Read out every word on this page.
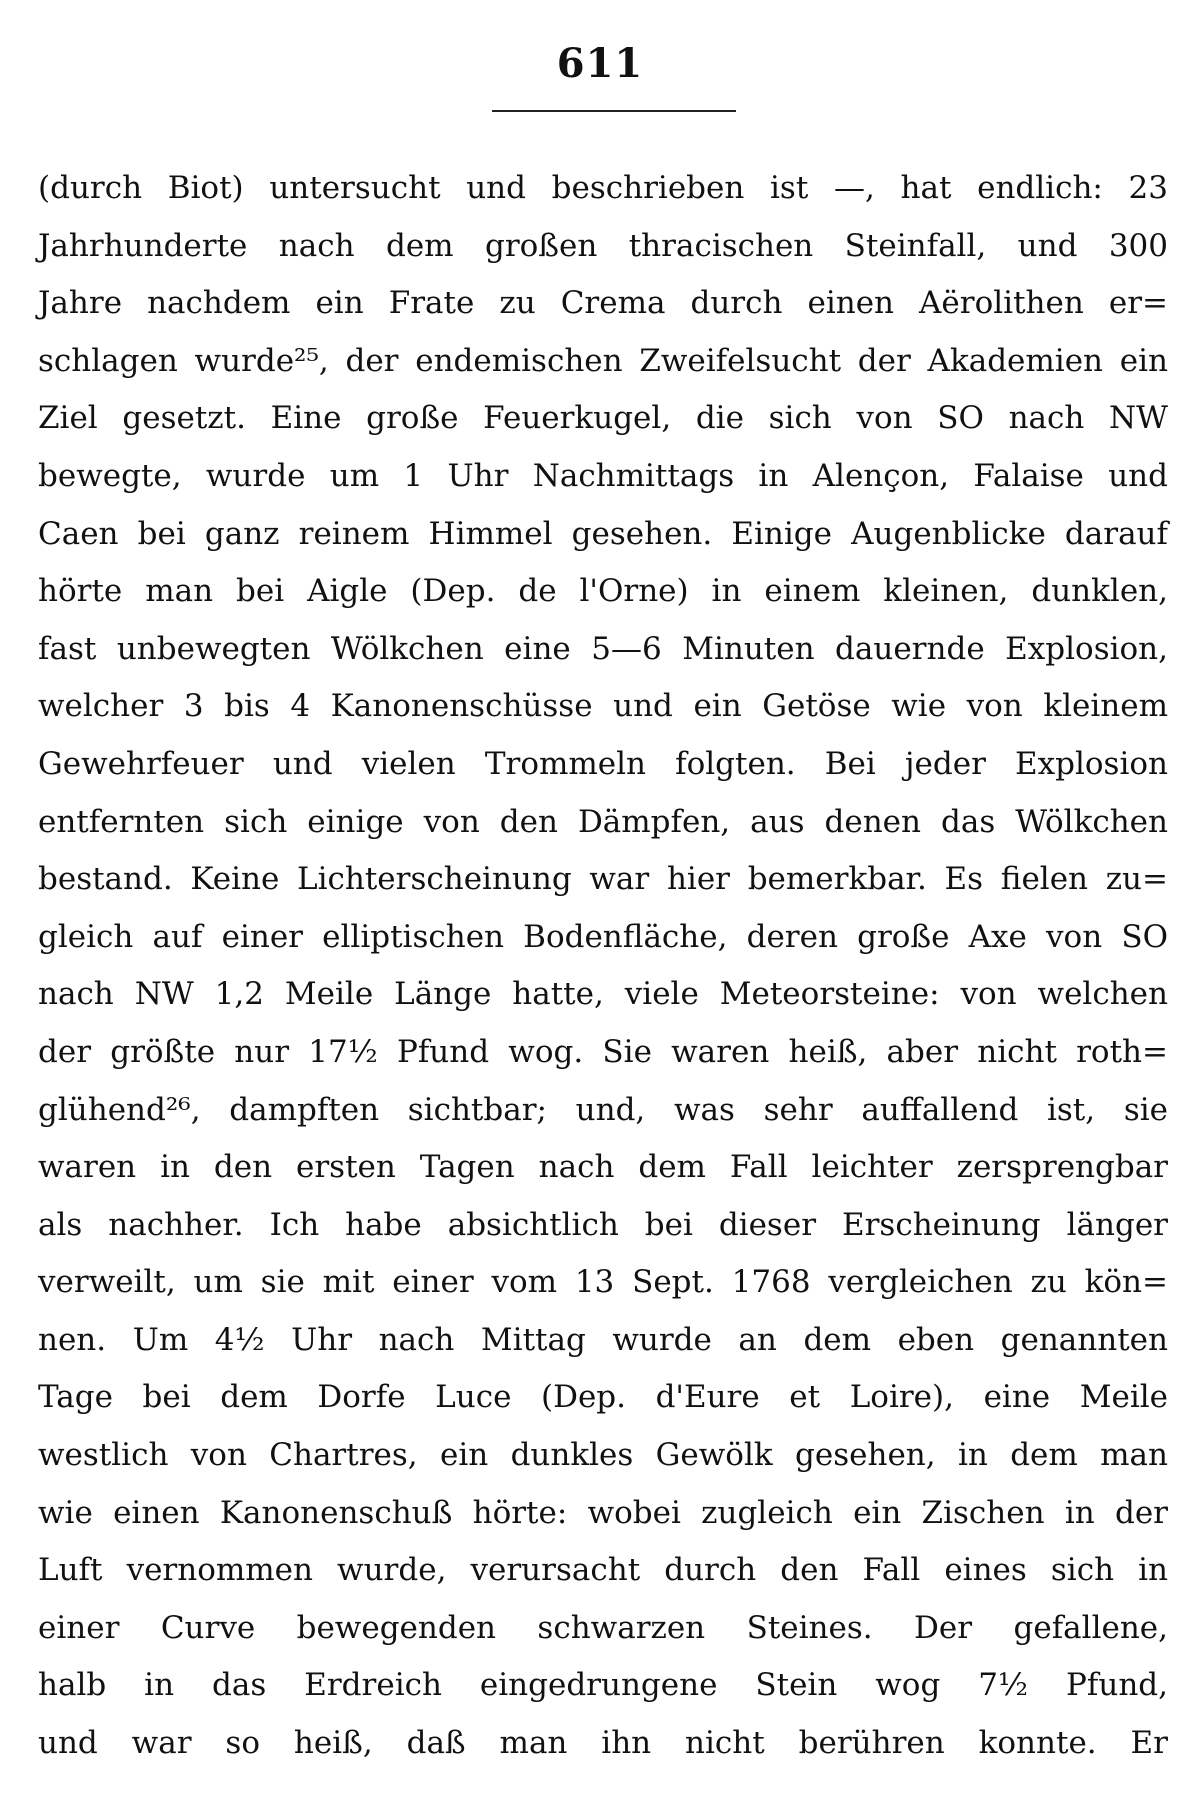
611
(durch Biot) untersucht und beschrieben ist —, hat endlich: 23
Jahrhunderte nach dem großen thracischen Steinfall, und 300
Jahre nachdem ein Frate zu Crema durch einen Aërolithen er=
schlagen wurde²⁵, der endemischen Zweifelsucht der Akademien ein
Ziel gesetzt. Eine große Feuerkugel, die sich von SO nach NW
bewegte, wurde um 1 Uhr Nachmittags in Alençon, Falaise und
Caen bei ganz reinem Himmel gesehen. Einige Augenblicke darauf
hörte man bei Aigle (Dep. de l'Orne) in einem kleinen, dunklen,
fast unbewegten Wölkchen eine 5—6 Minuten dauernde Explosion,
welcher 3 bis 4 Kanonenschüsse und ein Getöse wie von kleinem
Gewehrfeuer und vielen Trommeln folgten. Bei jeder Explosion
entfernten sich einige von den Dämpfen, aus denen das Wölkchen
bestand. Keine Lichterscheinung war hier bemerkbar. Es fielen zu=
gleich auf einer elliptischen Bodenfläche, deren große Axe von SO
nach NW 1,2 Meile Länge hatte, viele Meteorsteine: von welchen
der größte nur 17½ Pfund wog. Sie waren heiß, aber nicht roth=
glühend²⁶, dampften sichtbar; und, was sehr auffallend ist, sie
waren in den ersten Tagen nach dem Fall leichter zersprengbar
als nachher. Ich habe absichtlich bei dieser Erscheinung länger
verweilt, um sie mit einer vom 13 Sept. 1768 vergleichen zu kön=
nen. Um 4½ Uhr nach Mittag wurde an dem eben genannten
Tage bei dem Dorfe Luce (Dep. d'Eure et Loire), eine Meile
westlich von Chartres, ein dunkles Gewölk gesehen, in dem man
wie einen Kanonenschuß hörte: wobei zugleich ein Zischen in der
Luft vernommen wurde, verursacht durch den Fall eines sich in
einer Curve bewegenden schwarzen Steines. Der gefallene,
halb in das Erdreich eingedrungene Stein wog 7½ Pfund,
und war so heiß, daß man ihn nicht berühren konnte. Er
